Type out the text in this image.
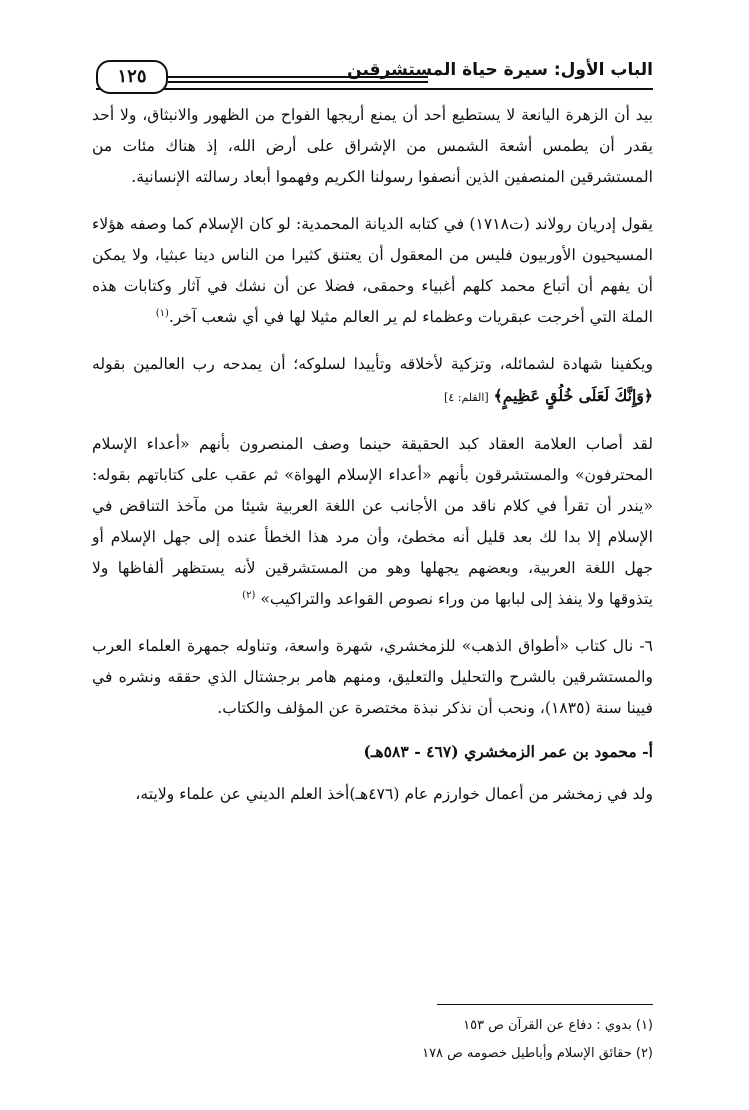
الباب الأول: سيرة حياة المستشرقين
١٢٥

بيد أن الزهرة اليانعة لا يستطيع أحد أن يمنع أريجها الفواح من الظهور والانبثاق، ولا أحد يقدر أن يطمس أشعة الشمس من الإشراق على أرض الله، إذ هناك مئات من المستشرقين المنصفين الذين أنصفوا رسولنا الكريم وفهموا أبعاد رسالته الإنسانية.

يقول إدريان رولاند (ت١٧١٨) في كتابه الديانة المحمدية: لو كان الإسلام كما وصفه هؤلاء المسيحيون الأوربيون فليس من المعقول أن يعتنق كثيرا من الناس دينا عبثيا، ولا يمكن أن يفهم أن أتباع محمد كلهم أغبياء وحمقى، فضلا عن أن نشك في آثار وكتابات هذه الملة التي أخرجت عبقريات وعظماء لم ير العالم مثيلا لها في أي شعب آخر.$^{(١)}$

ويكفينا شهادة لشمائله، وتزكية لأخلاقه وتأييدا لسلوكه؛ أن يمدحه رب العالمين بقوله ﴿وَإِنَّكَ لَعَلَى خُلُقٍ عَظِيمٍ﴾ [القلم: ٤]

لقد أصاب العلامة العقاد كبد الحقيقة حينما وصف المنصرون بأنهم «أعداء الإسلام المحترفون» والمستشرقون بأنهم «أعداء الإسلام الهواة» ثم عقب على كتاباتهم بقوله: «يندر أن تقرأ في كلام ناقد من الأجانب عن اللغة العربية شيئا من مآخذ التناقض في الإسلام إلا بدا لك بعد قليل أنه مخطئ، وأن مرد هذا الخطأ عنده إلى جهل الإسلام أو جهل اللغة العربية، وبعضهم يجهلها وهو من المستشرقين لأنه يستظهر ألفاظها ولا يتذوقها ولا ينفذ إلى لبابها من وراء نصوص القواعد والتراكيب» $^{(٢)}$

٦- نال كتاب «أطواق الذهب» للزمخشري، شهرة واسعة، وتناوله جمهرة العلماء العرب والمستشرقين بالشرح والتحليل والتعليق، ومنهم هامر برجشتال الذي حققه ونشره في فيينا سنة (١٨٣٥)، ونحب أن نذكر نبذة مختصرة عن المؤلف والكتاب.

أ- محمود بن عمر الزمخشري (٤٦٧ - ٥٨٣هـ)

ولد في زمخشر من أعمال خوارزم عام (٤٧٦هـ)أخذ العلم الديني عن علماء ولايته،

(١) بدوي : دفاع عن القرآن ص ١٥٣
(٢) حقائق الإسلام وأباطيل خصومه ص ١٧٨
